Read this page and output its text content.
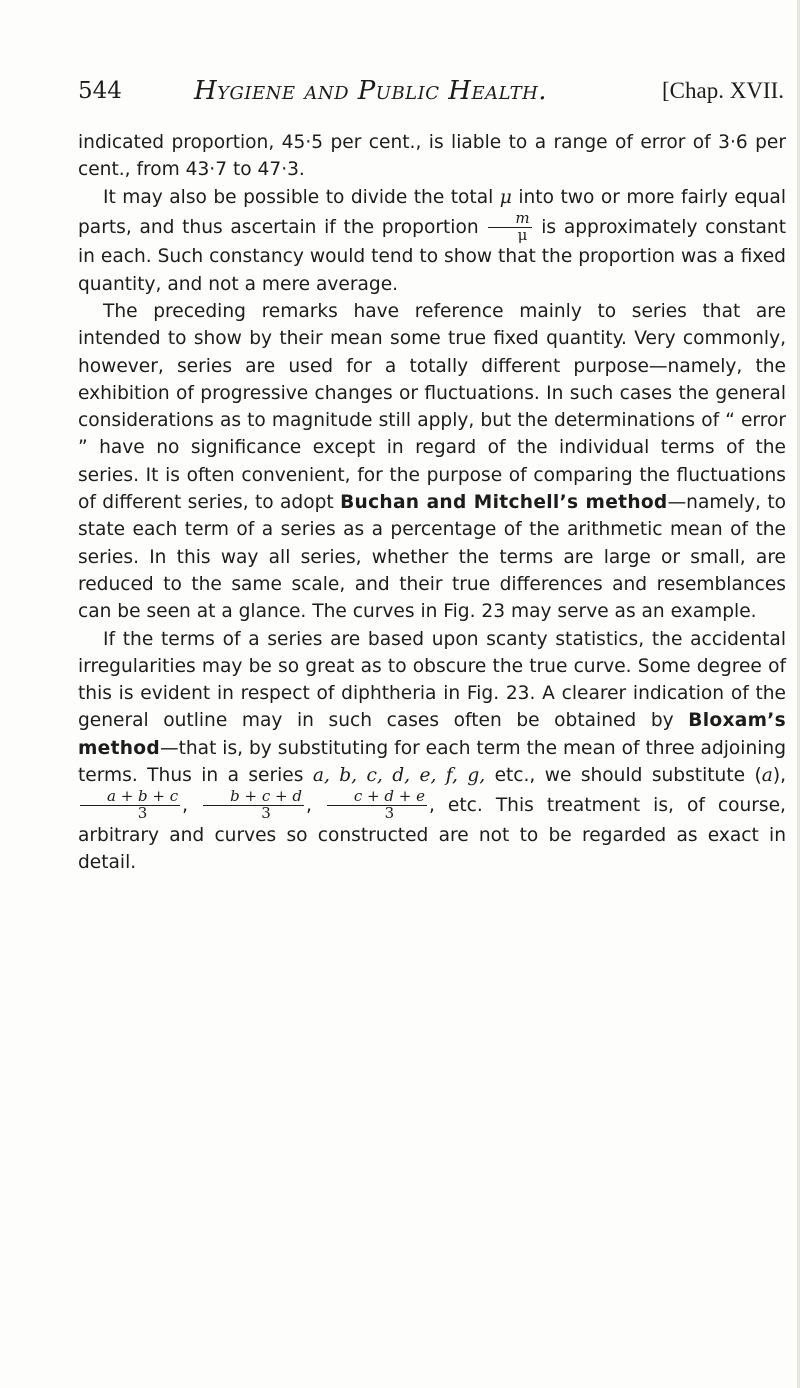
544	Hygiene and Public Health.	[Chap. XVII.

indicated proportion, 45·5 per cent., is liable to a range of error of 3·6 per cent., from 43·7 to 47·3.

It may also be possible to divide the total μ into two or more fairly equal parts, and thus ascertain if the proportion $\frac{m}{\mu}$ is approximately constant in each. Such constancy would tend to show that the proportion was a fixed quantity, and not a mere average.

The preceding remarks have reference mainly to series that are intended to show by their mean some true fixed quantity. Very commonly, however, series are used for a totally different purpose—namely, the exhibition of progressive changes or fluctuations. In such cases the general considerations as to magnitude still apply, but the determinations of “ error ” have no significance except in regard of the individual terms of the series. It is often convenient, for the purpose of comparing the fluctuations of different series, to adopt Buchan and Mitchell’s method—namely, to state each term of a series as a percentage of the arithmetic mean of the series. In this way all series, whether the terms are large or small, are reduced to the same scale, and their true differences and resemblances can be seen at a glance. The curves in Fig. 23 may serve as an example.

If the terms of a series are based upon scanty statistics, the accidental irregularities may be so great as to obscure the true curve. Some degree of this is evident in respect of diphtheria in Fig. 23. A clearer indication of the general outline may in such cases often be obtained by Bloxam’s method—that is, by substituting for each term the mean of three adjoining terms. Thus in a series a, b, c, d, e, f, g, etc., we should substitute (a),
$\frac{a + b + c}{3}$ , $\frac{b + c + d}{3}$ , $\frac{c + d + e}{3}$ , etc. This treatment is, of course, arbitrary and curves so constructed are not to be regarded as exact in detail.
